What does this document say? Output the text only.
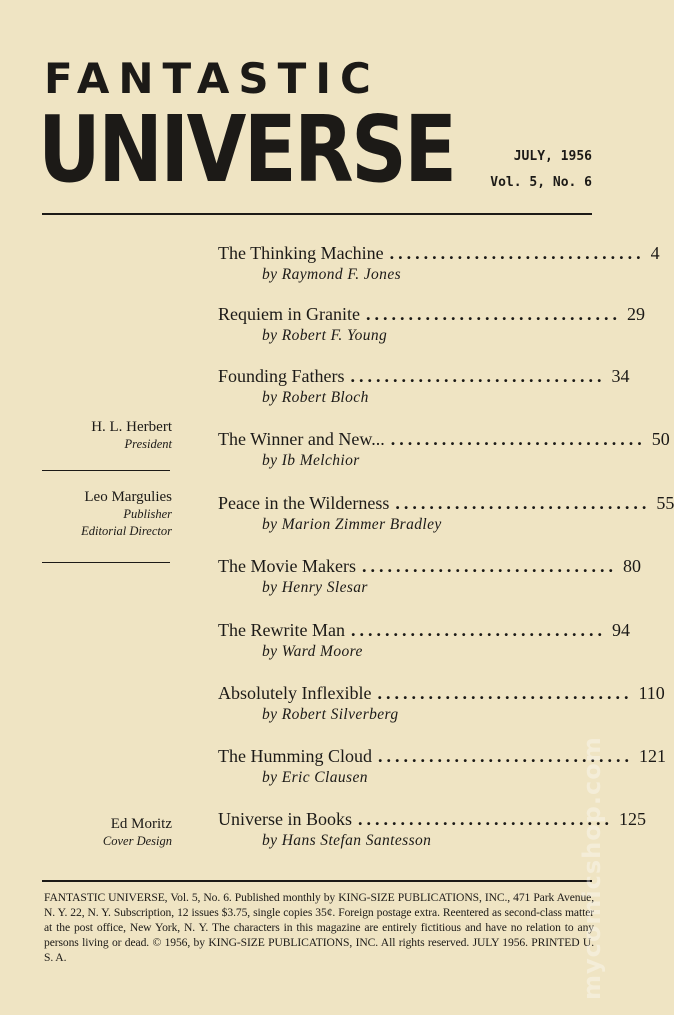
FANTASTIC
UNIVERSE	JULY, 1956
Vol. 5, No. 6
H. L. Herbert
President
Leo Margulies
Publisher
Editorial Director
Ed Moritz
Cover Design
The Thinking Machine .............................. 4
by Raymond F. Jones
Requiem in Granite .............................. 29
by Robert F. Young
Founding Fathers .............................. 34
by Robert Bloch
The Winner and New... .............................. 50
by Ib Melchior
Peace in the Wilderness .............................. 55
by Marion Zimmer Bradley
The Movie Makers .............................. 80
by Henry Slesar
The Rewrite Man .............................. 94
by Ward Moore
Absolutely Inflexible .............................. 110
by Robert Silverberg
The Humming Cloud .............................. 121
by Eric Clausen
Universe in Books .............................. 125
by Hans Stefan Santesson
FANTASTIC UNIVERSE, Vol. 5, No. 6. Published monthly by KING-SIZE PUBLICATIONS, INC., 471 Park Avenue, N. Y. 22, N. Y. Subscription, 12 issues $3.75, single copies 35¢. Foreign postage extra. Reentered as second-class matter at the post office, New York, N. Y. The characters in this magazine are entirely fictitious and have no relation to any persons living or dead. © 1956, by KING-SIZE PUBLICATIONS, INC. All rights reserved. JULY 1956. PRINTED U. S. A.	mycomicshop.com
